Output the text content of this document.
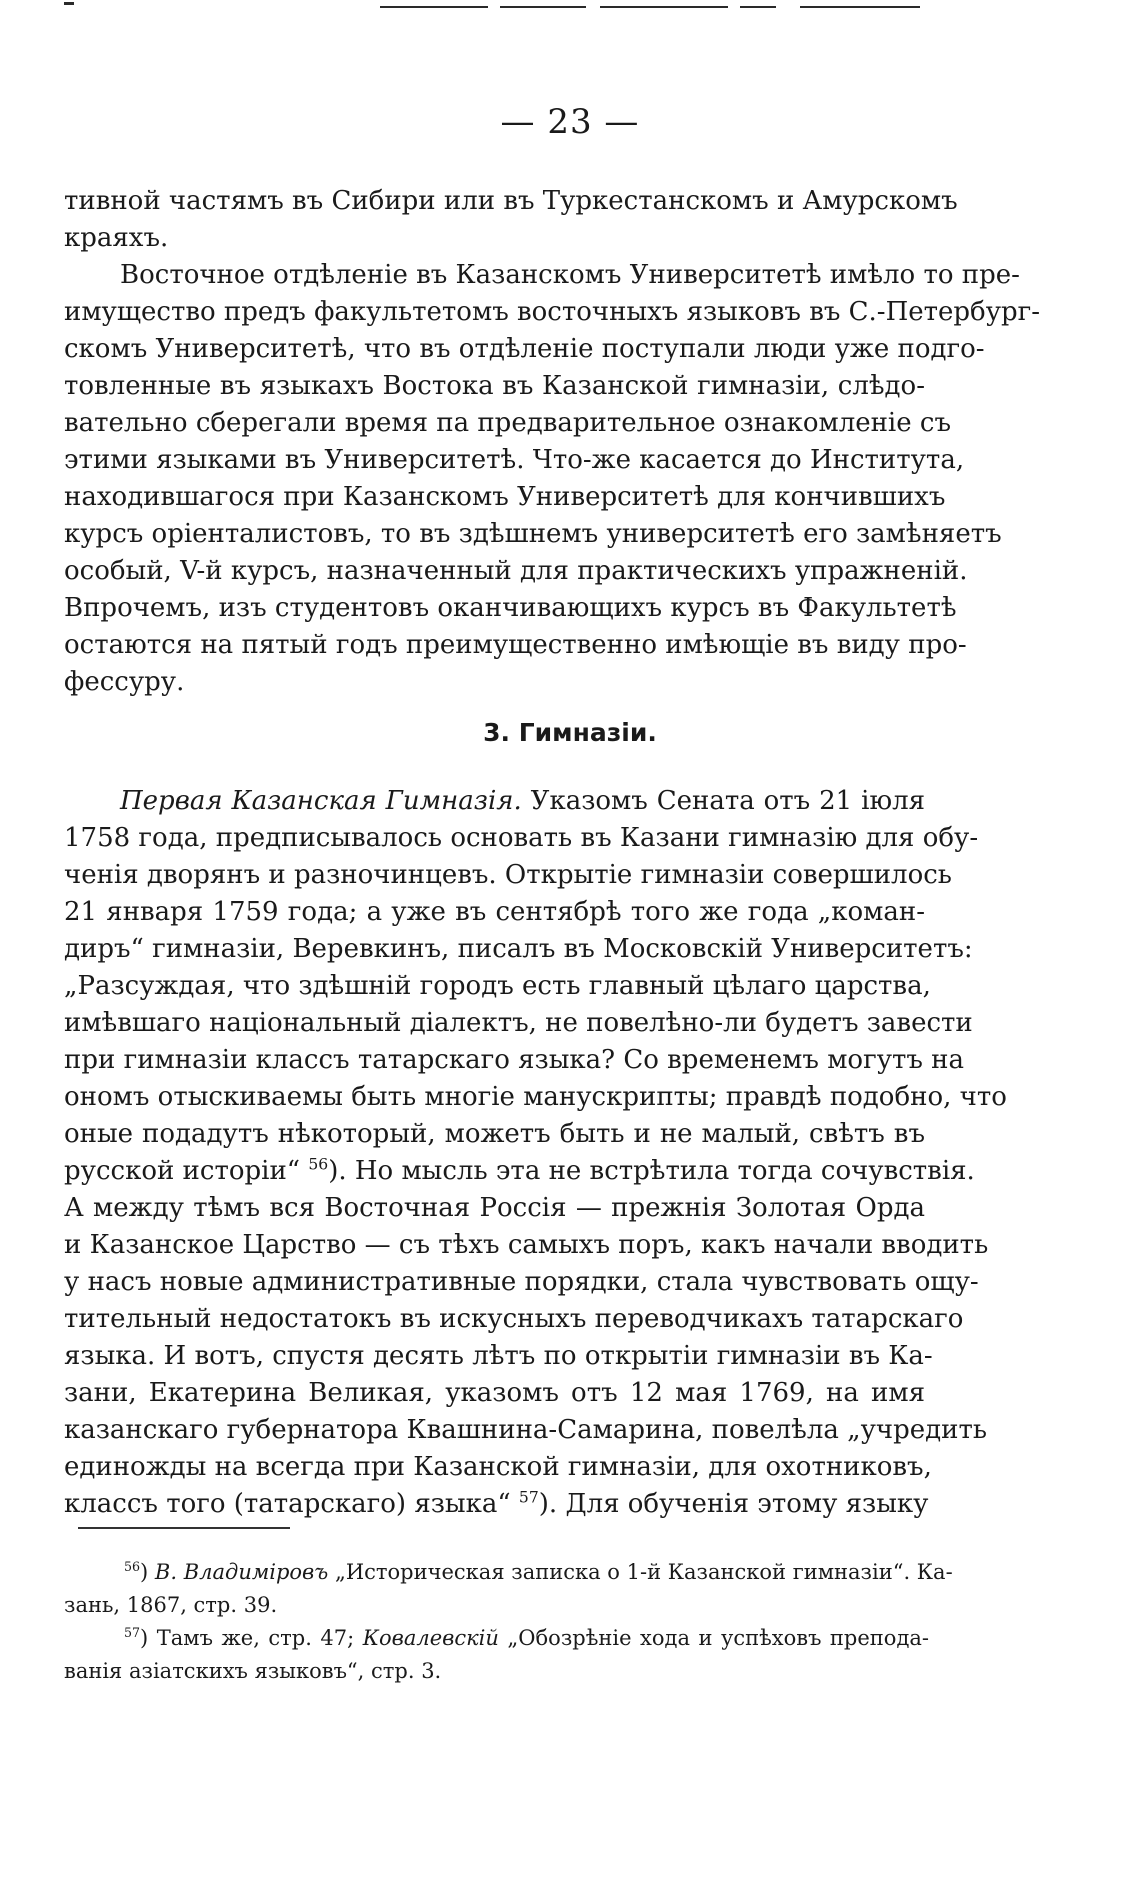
— 23 —
тивной частямъ въ Сибири или въ Туркестанскомъ и Амурскомъ
краяхъ.
Восточное отдѣленіе въ Казанскомъ Университетѣ имѣло то пре-
имущество предъ факультетомъ восточныхъ языковъ въ С.-Петербург-
скомъ Университетѣ, что въ отдѣленіе поступали люди уже подго-
товленные въ языкахъ Востока въ Казанской гимназіи, слѣдо-
вательно сберегали время па предварительное ознакомленіе съ
этими языками въ Университетѣ. Что-же касается до Института,
находившагося при Казанскомъ Университетѣ для кончившихъ
курсъ оріенталистовъ, то въ здѣшнемъ университетѣ его замѣняетъ
особый, V-й курсъ, назначенный для практическихъ упражненій.
Впрочемъ, изъ студентовъ оканчивающихъ курсъ въ Факультетѣ
остаются на пятый годъ преимущественно имѣющіе въ виду про-
фессуру.
3. Гимназіи.
Первая Казанская Гимназія. Указомъ Сената отъ 21 іюля
1758 года, предписывалось основать въ Казани гимназію для обу-
ченія дворянъ и разночинцевъ. Открытіе гимназіи совершилось
21 января 1759 года; а уже въ сентябрѣ того же года „коман-
диръ“ гимназіи, Веревкинъ, писалъ въ Московскій Университетъ:
„Разсуждая, что здѣшній городъ есть главный цѣлаго царства,
имѣвшаго національный діалектъ, не повелѣно-ли будетъ завести
при гимназіи классъ татарскаго языка? Со временемъ могутъ на
ономъ отыскиваемы быть многіе манускрипты; правдѣ подобно, что
оные подадутъ нѣкоторый, можетъ быть и не малый, свѣтъ въ
русской исторіи“ $^{56}$). Но мысль эта не встрѣтила тогда сочувствія.
А между тѣмъ вся Восточная Россія — прежнія Золотая Орда
и Казанское Царство — съ тѣхъ самыхъ поръ, какъ начали вводить
у насъ новые административные порядки, стала чувствовать ощу-
тительный недостатокъ въ искусныхъ переводчикахъ татарскаго
языка. И вотъ, спустя десять лѣтъ по открытіи гимназіи въ Ка-
зани, Екатерина Великая, указомъ отъ 12 мая 1769, на имя
казанскаго губернатора Квашнина-Самарина, повелѣла „учредить
единожды на всегда при Казанской гимназіи, для охотниковъ,
классъ того (татарскаго) языка“ $^{57}$). Для обученія этому языку
$^{56}$) В. Владиміровъ „Историческая записка о 1-й Казанской гимназіи“. Ка-
зань, 1867, стр. 39.
$^{57}$) Тамъ же, стр. 47; Ковалевскій „Обозрѣніе хода и успѣховъ препода-
ванія азіатскихъ языковъ“, стр. 3.
